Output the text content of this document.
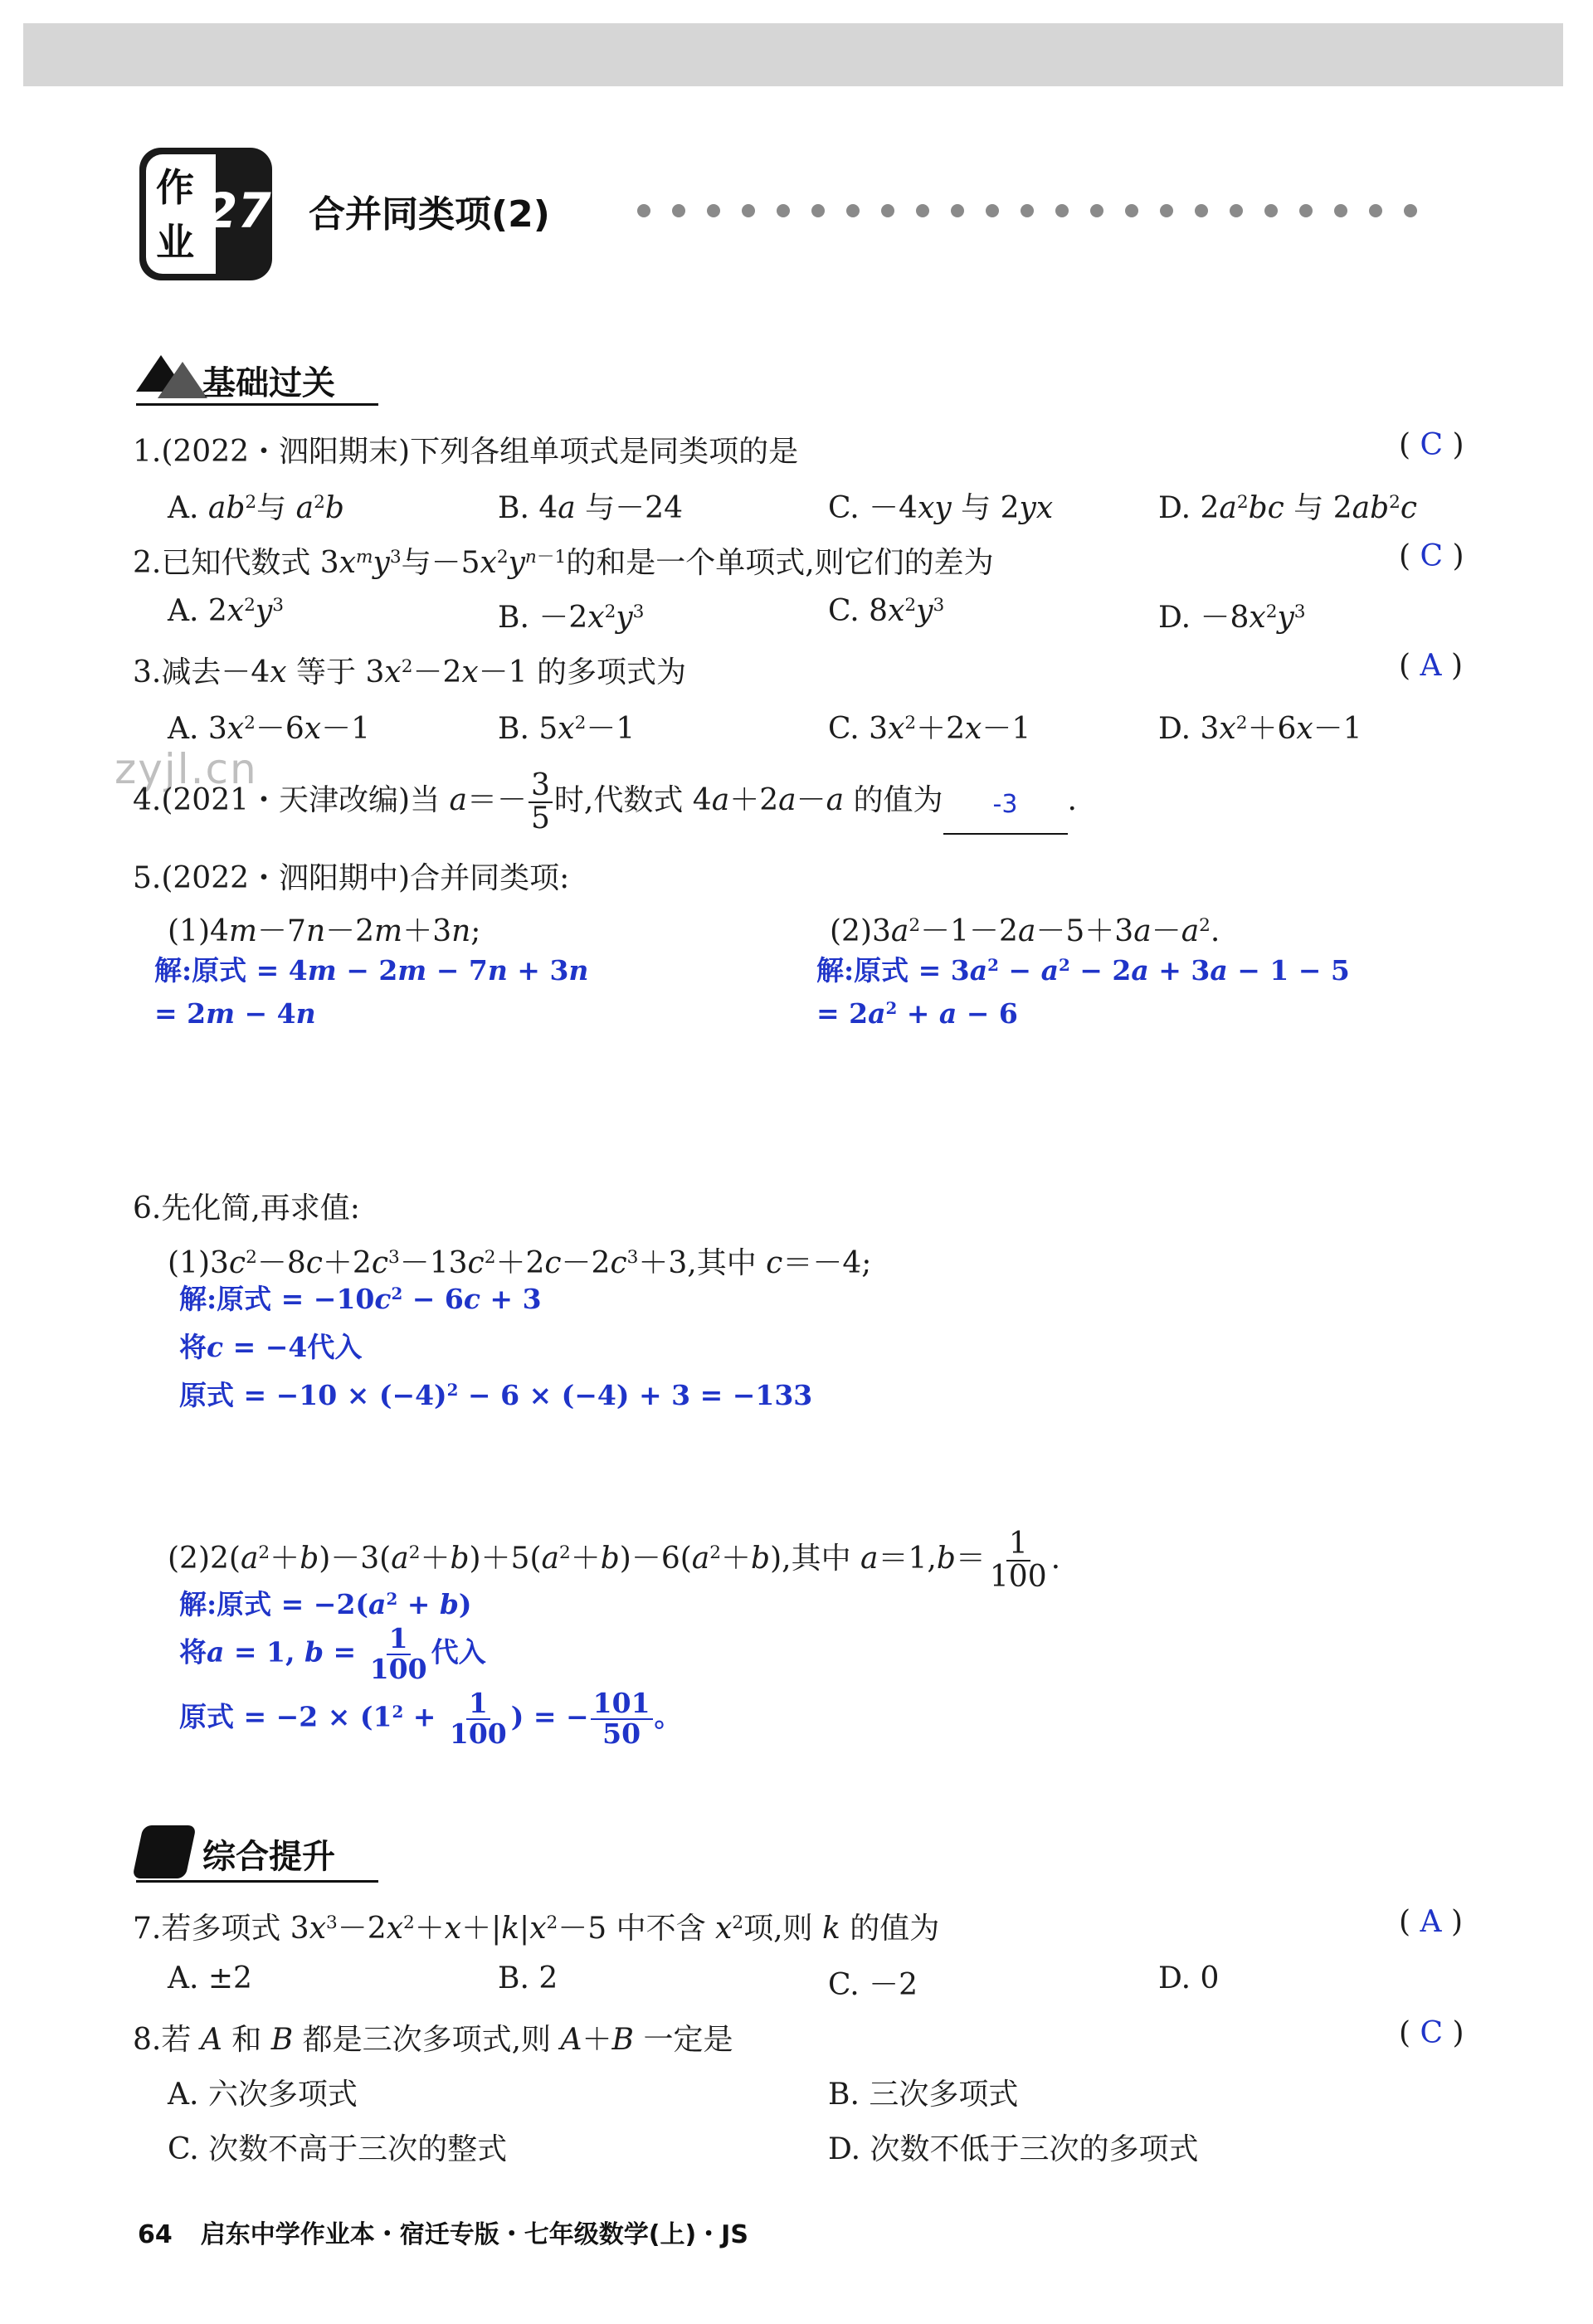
作
业
27 合并同类项(2)
基础过关
1.(2022・泗阳期末)下列各组单项式是同类项的是	( C )
A. $ab^2$与 $a^2b$	B. 4a 与－24	C. －4xy 与 2yx	D. $2a^2bc$ 与 $2ab^2c$
2.已知代数式 $3x^my^3$与$-5x^2y^{n-1}$的和是一个单项式,则它们的差为	( C )
A. $2x^2y^3$	B. $-2x^2y^3$	C. $8x^2y^3$	D. $-8x^2y^3$
3.减去－4x 等于 $3x^2-2x-1$ 的多项式为	( A )
A. $3x^2-6x-1$	B. $5x^2-1$	C. $3x^2+2x-1$	D. $3x^2+6x-1$
zyjl.cn
4.(2021・天津改编)当 $a=- \frac{3}{5}$ 时,代数式 4a＋2a－a 的值为	-3	.
5.(2022・泗阳期中)合并同类项:
(1)4m－7n－2m＋3n;	$(2)3a^2-1-2a-5+3a-a^2$.
解:原式 = 4m − 2m − 7n + 3n
= 2m − 4n
解:原式 = $3a^2 - a^2 - 2a + 3a - 1 - 5$
= $2a^2 + a - 6$
6.先化简,再求值:
$(1)3c^2-8c+2c^3-13c^2+2c-2c^3+3$,其中 c＝－4;
解:原式 = $-10c^2 - 6c + 3$
将c = −4代入
原式 = $-10 \times (-4)^2 - 6 \times (-4) + 3 = -133$
$(2)2(a^2+b)-3(a^2+b)+5(a^2+b)-6(a^2+b)$,其中 $a=1,b= \frac{1}{100}$ .
解:原式 = $-2(a^2 + b)$
将a = 1, $b = \frac{1}{100}$ 代入
原式 = $-2 \times (1^2 + \frac{1}{100}$ ) = − $\frac{101}{50}$ 。
综合提升
7.若多项式 $3x^3-2x^2+x+|k|x^2-5$ 中不含 $x^2$项,则 k 的值为	( A )
A. ±2	B. 2	C. －2	D. 0
8.若 A 和 B 都是三次多项式,则 A＋B 一定是	( C )
A. 六次多项式	B. 三次多项式
C. 次数不高于三次的整式	D. 次数不低于三次的多项式
64 启东中学作业本・宿迁专版・七年级数学(上)・JS
